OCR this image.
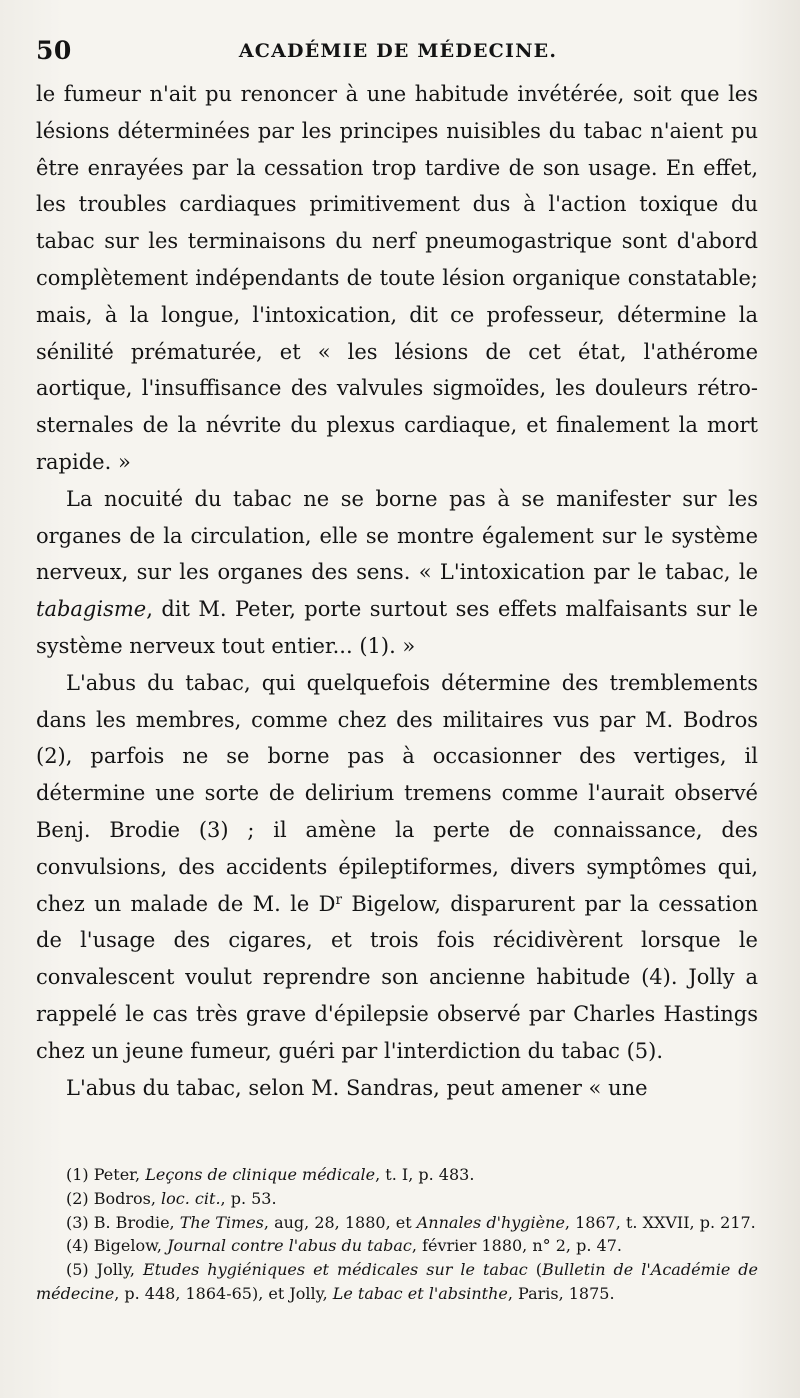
50	ACADÉMIE DE MÉDECINE.

le fumeur n'ait pu renoncer à une habitude invétérée, soit que les lésions déterminées par les principes nuisibles du tabac n'aient pu être enrayées par la cessation trop tardive de son usage. En effet, les troubles cardiaques primitivement dus à l'action toxique du tabac sur les terminaisons du nerf pneumogastrique sont d'abord complètement indépendants de toute lésion organique constatable; mais, à la longue, l'intoxication, dit ce professeur, détermine la sénilité prématurée, et « les lésions de cet état, l'athérome aortique, l'insuffisance des valvules sigmoïdes, les douleurs rétro-sternales de la névrite du plexus cardiaque, et finalement la mort rapide. »

La nocuité du tabac ne se borne pas à se manifester sur les organes de la circulation, elle se montre également sur le système nerveux, sur les organes des sens. « L'intoxication par le tabac, le tabagisme, dit M. Peter, porte surtout ses effets malfaisants sur le système nerveux tout entier... (1). »

L'abus du tabac, qui quelquefois détermine des tremblements dans les membres, comme chez des militaires vus par M. Bodros (2), parfois ne se borne pas à occasionner des vertiges, il détermine une sorte de delirium tremens comme l'aurait observé Benj. Brodie (3) ; il amène la perte de connaissance, des convulsions, des accidents épileptiformes, divers symptômes qui, chez un malade de M. le $D^r$ Bigelow, disparurent par la cessation de l'usage des cigares, et trois fois récidivèrent lorsque le convalescent voulut reprendre son ancienne habitude (4). Jolly a rappelé le cas très grave d'épilepsie observé par Charles Hastings chez un jeune fumeur, guéri par l'interdiction du tabac (5).

L'abus du tabac, selon M. Sandras, peut amener « une

(1) Peter, Leçons de clinique médicale, t. I, p. 483.

(2) Bodros, loc. cit., p. 53.

(3) B. Brodie, The Times, aug, 28, 1880, et Annales d'hygiène, 1867, t. XXVII, p. 217.

(4) Bigelow, Journal contre l'abus du tabac, février 1880, n° 2, p. 47.

(5) Jolly, Etudes hygiéniques et médicales sur le tabac (Bulletin de l'Académie de médecine, p. 448, 1864-65), et Jolly, Le tabac et l'absinthe, Paris, 1875.
